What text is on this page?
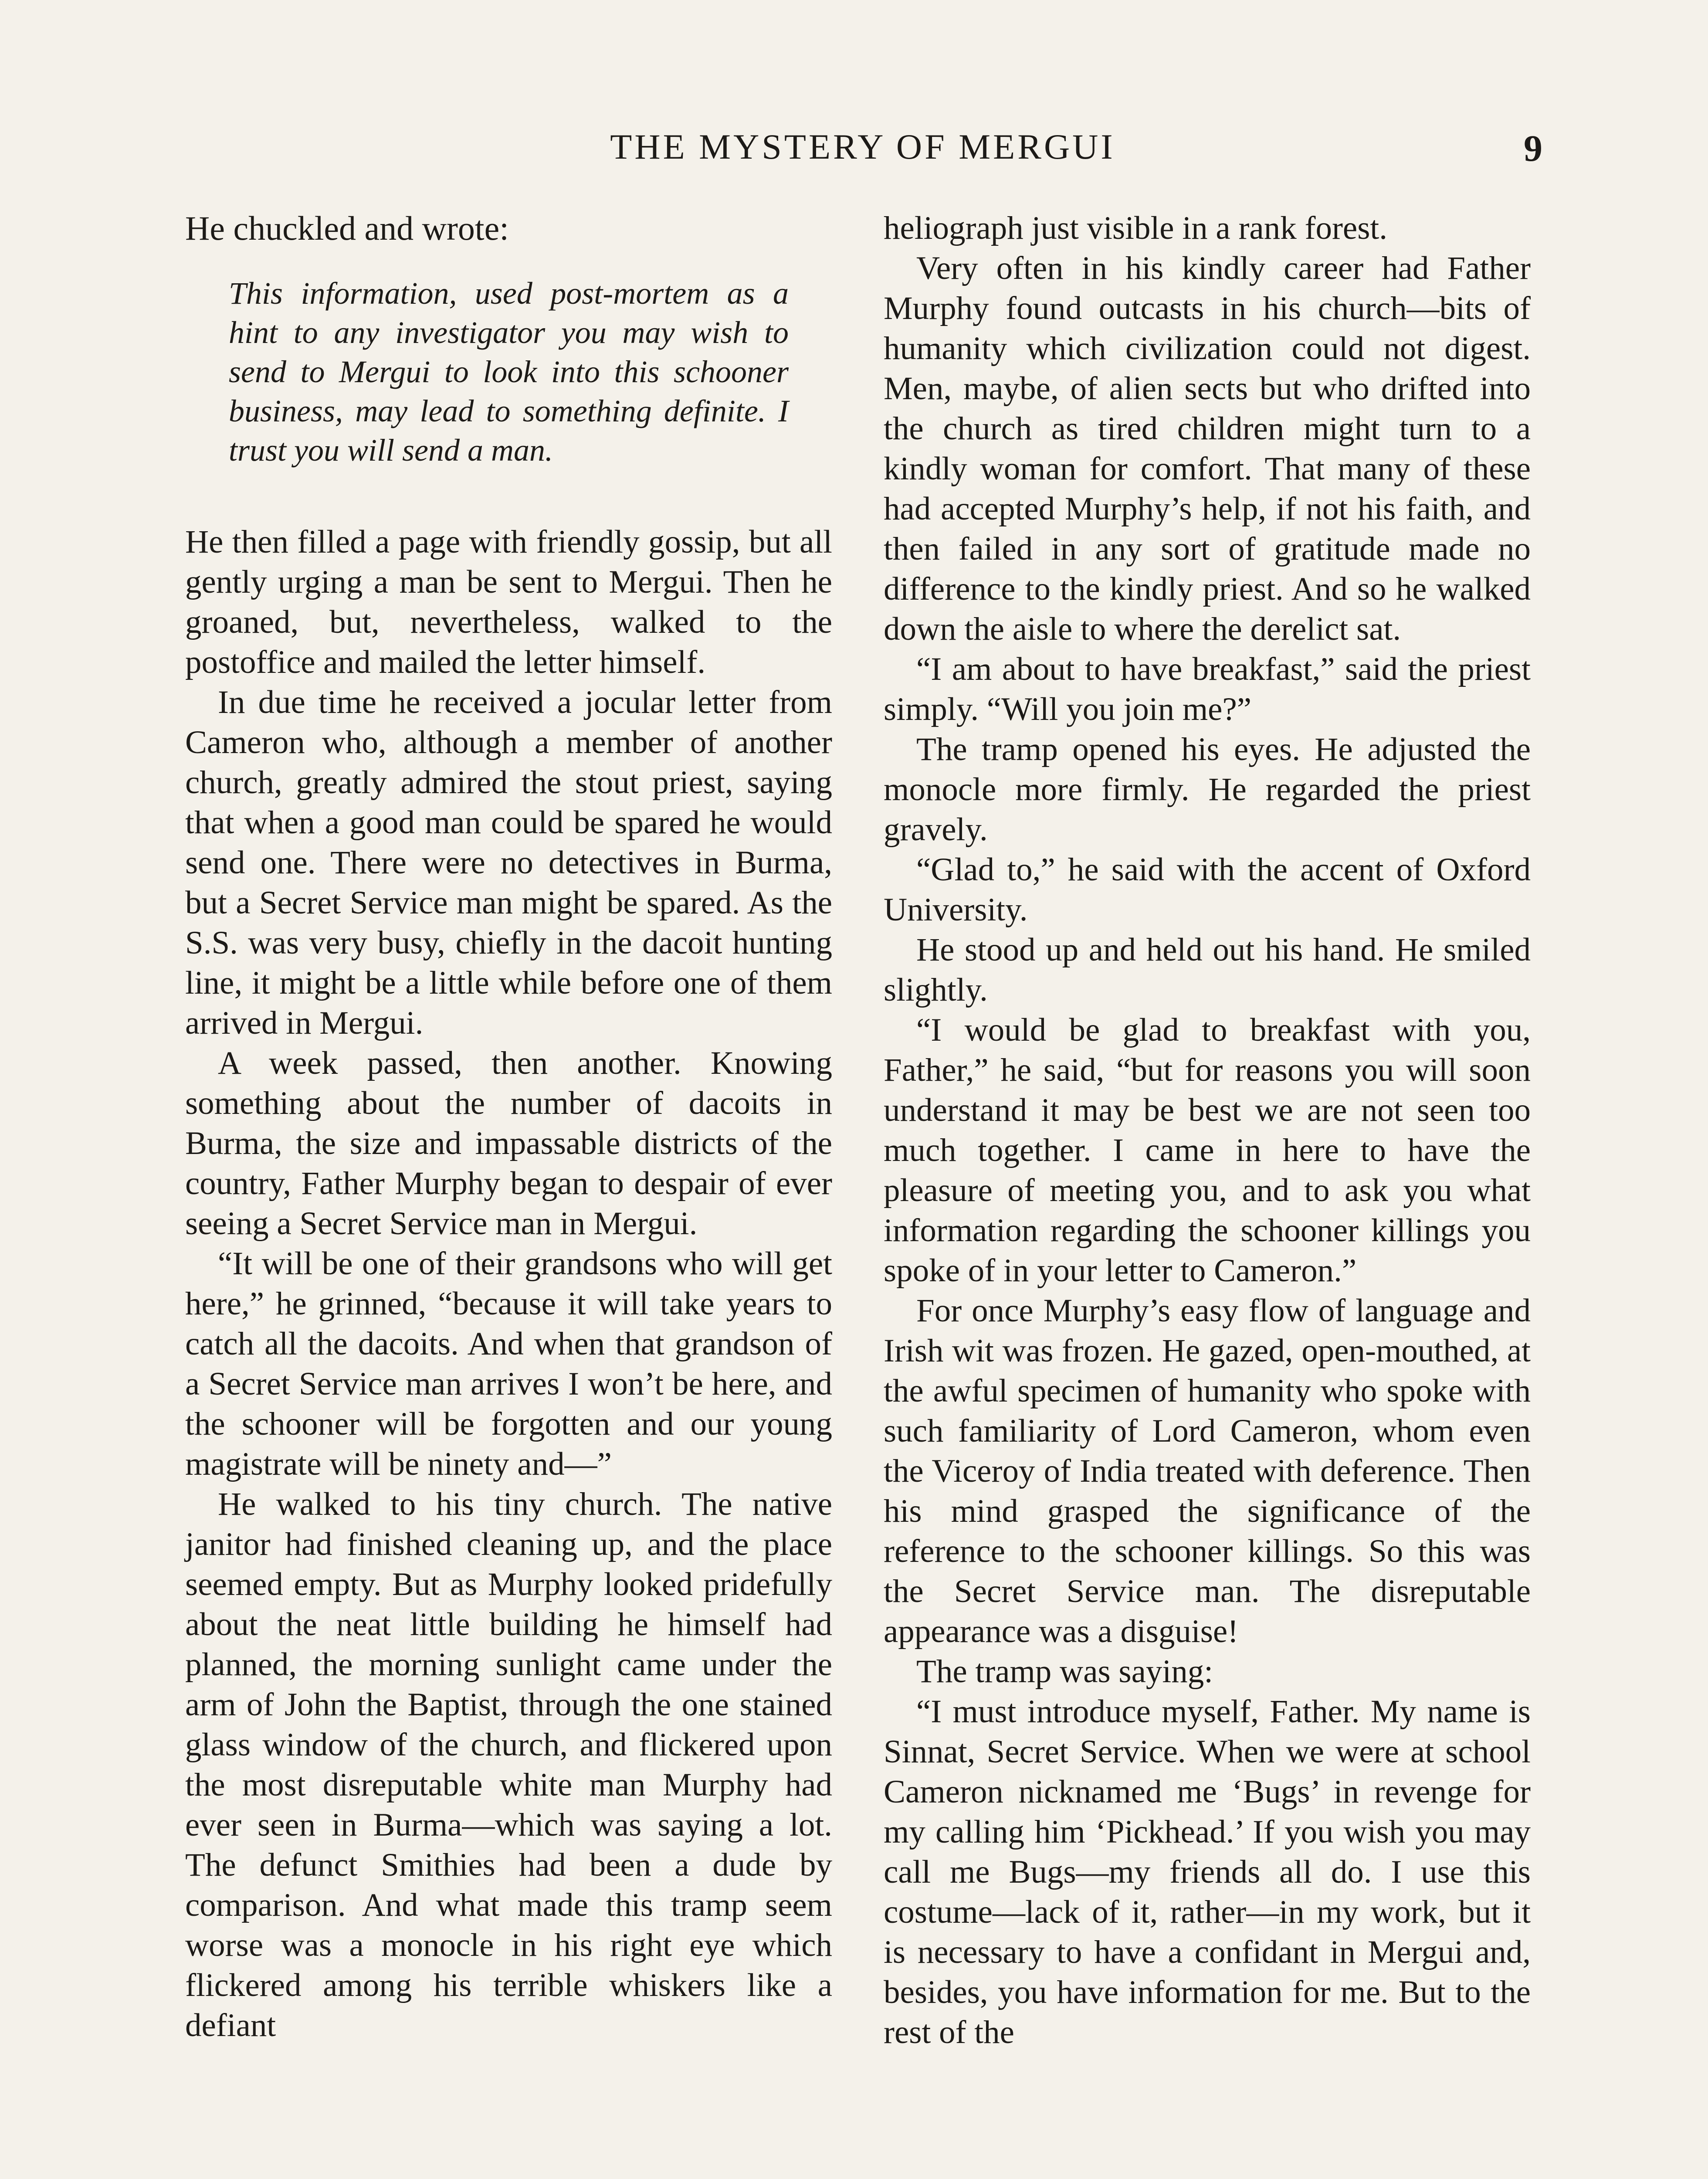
THE MYSTERY OF MERGUI	9

He chuckled and wrote:

This information, used post-mortem as a hint to any investigator you may wish to send to Mergui to look into this schooner business, may lead to something definite. I trust you will send a man.

He then filled a page with friendly gossip, but all gently urging a man be sent to Mergui. Then he groaned, but, nevertheless, walked to the postoffice and mailed the letter himself.

In due time he received a jocular letter from Cameron who, although a member of another church, greatly admired the stout priest, saying that when a good man could be spared he would send one. There were no detectives in Burma, but a Secret Service man might be spared. As the S.S. was very busy, chiefly in the dacoit hunting line, it might be a little while before one of them arrived in Mergui.

A week passed, then another. Knowing something about the number of dacoits in Burma, the size and impassable districts of the country, Father Murphy began to despair of ever seeing a Secret Service man in Mergui.

“It will be one of their grandsons who will get here,” he grinned, “because it will take years to catch all the dacoits. And when that grandson of a Secret Service man arrives I won’t be here, and the schooner will be forgotten and our young magistrate will be ninety and—”

He walked to his tiny church. The native janitor had finished cleaning up, and the place seemed empty. But as Murphy looked pridefully about the neat little building he himself had planned, the morning sunlight came under the arm of John the Baptist, through the one stained glass window of the church, and flickered upon the most disreputable white man Murphy had ever seen in Burma—which was saying a lot. The defunct Smithies had been a dude by comparison. And what made this tramp seem worse was a monocle in his right eye which flickered among his terrible whiskers like a defiant

heliograph just visible in a rank forest.

Very often in his kindly career had Father Murphy found outcasts in his church—bits of humanity which civilization could not digest. Men, maybe, of alien sects but who drifted into the church as tired children might turn to a kindly woman for comfort. That many of these had accepted Murphy’s help, if not his faith, and then failed in any sort of gratitude made no difference to the kindly priest. And so he walked down the aisle to where the derelict sat.

“I am about to have breakfast,” said the priest simply. “Will you join me?”

The tramp opened his eyes. He adjusted the monocle more firmly. He regarded the priest gravely.

“Glad to,” he said with the accent of Oxford University.

He stood up and held out his hand. He smiled slightly.

“I would be glad to breakfast with you, Father,” he said, “but for reasons you will soon understand it may be best we are not seen too much together. I came in here to have the pleasure of meeting you, and to ask you what information regarding the schooner killings you spoke of in your letter to Cameron.”

For once Murphy’s easy flow of language and Irish wit was frozen. He gazed, open-mouthed, at the awful specimen of humanity who spoke with such familiarity of Lord Cameron, whom even the Viceroy of India treated with deference. Then his mind grasped the significance of the reference to the schooner killings. So this was the Secret Service man. The disreputable appearance was a disguise!

The tramp was saying:

“I must introduce myself, Father. My name is Sinnat, Secret Service. When we were at school Cameron nicknamed me ‘Bugs’ in revenge for my calling him ‘Pickhead.’ If you wish you may call me Bugs—my friends all do. I use this costume—lack of it, rather—in my work, but it is necessary to have a confidant in Mergui and, besides, you have information for me. But to the rest of the
